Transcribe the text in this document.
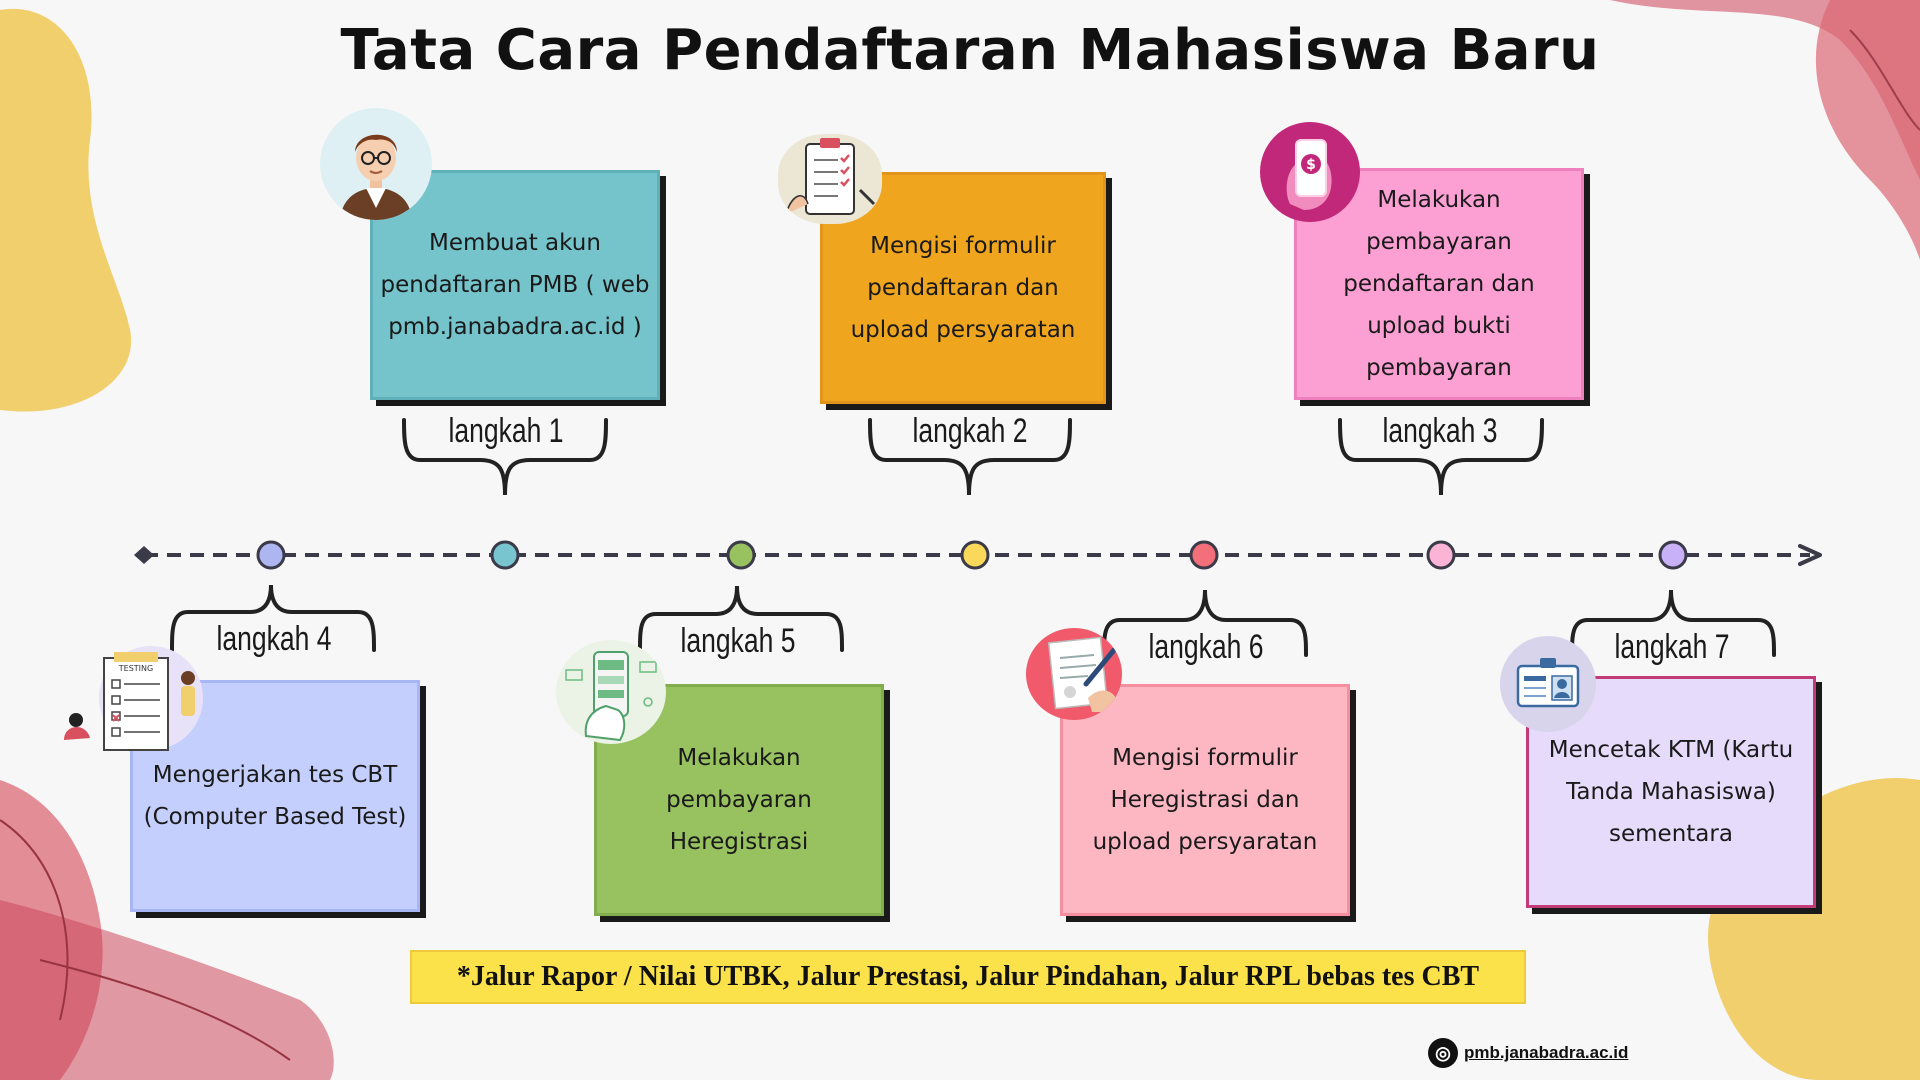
Tata Cara Pendaftaran Mahasiswa Baru
Membuat akun
pendaftaran PMB ( web
pmb.janabadra.ac.id )
Mengisi formulir
pendaftaran dan
upload persyaratan
Melakukan
pembayaran
pendaftaran dan
upload bukti
pembayaran
Mengerjakan tes CBT
(Computer Based Test)
Melakukan
pembayaran
Heregistrasi
Mengisi formulir
Heregistrasi dan
upload persyaratan
Mencetak KTM (Kartu
Tanda Mahasiswa)
sementara
langkah 1	langkah 2	langkah 3
langkah 4	langkah 5	langkah 6	langkah 7
$
TESTING
*Jalur Rapor / Nilai UTBK, Jalur Prestasi, Jalur Pindahan, Jalur RPL bebas tes CBT
◎ pmb.janabadra.ac.id
